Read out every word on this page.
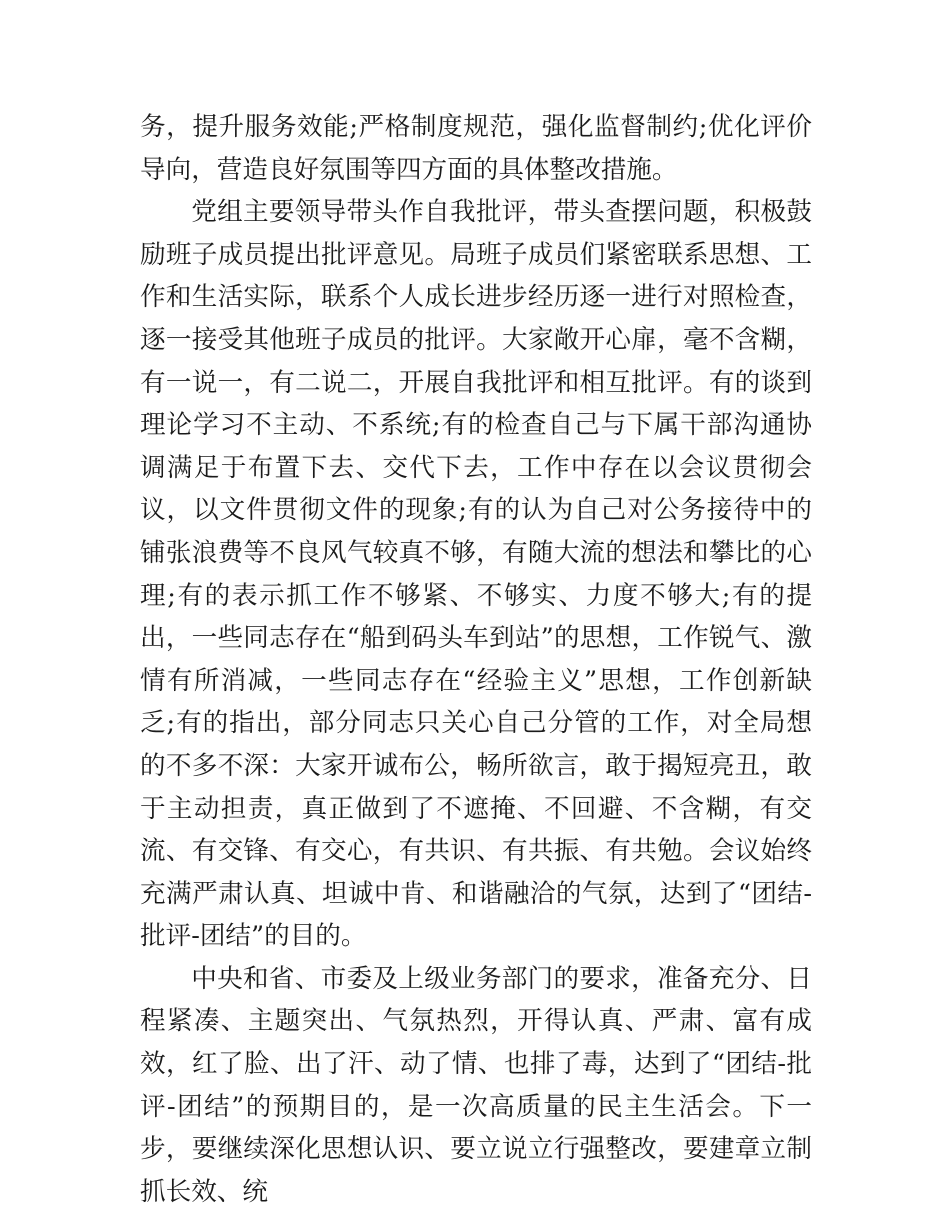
务，提升服务效能;严格制度规范，强化监督制约;优化评价导向，营造良好氛围等四方面的具体整改措施。

党组主要领导带头作自我批评，带头查摆问题，积极鼓励班子成员提出批评意见。局班子成员们紧密联系思想、工作和生活实际，联系个人成长进步经历逐一进行对照检查，逐一接受其他班子成员的批评。大家敞开心扉，毫不含糊，有一说一，有二说二，开展自我批评和相互批评。有的谈到理论学习不主动、不系统;有的检查自己与下属干部沟通协调满足于布置下去、交代下去，工作中存在以会议贯彻会议，以文件贯彻文件的现象;有的认为自己对公务接待中的铺张浪费等不良风气较真不够，有随大流的想法和攀比的心理;有的表示抓工作不够紧、不够实、力度不够大;有的提出，一些同志存在“船到码头车到站”的思想，工作锐气、激情有所消减，一些同志存在“经验主义”思想，工作创新缺乏;有的指出，部分同志只关心自己分管的工作，对全局想的不多不深：大家开诚布公，畅所欲言，敢于揭短亮丑，敢于主动担责，真正做到了不遮掩、不回避、不含糊，有交流、有交锋、有交心，有共识、有共振、有共勉。会议始终充满严肃认真、坦诚中肯、和谐融洽的气氛，达到了“团结-批评-团结”的目的。

中央和省、市委及上级业务部门的要求，准备充分、日程紧凑、主题突出、气氛热烈，开得认真、严肃、富有成效，红了脸、出了汗、动了情、也排了毒，达到了“团结-批评-团结”的预期目的，是一次高质量的民主生活会。下一步，要继续深化思想认识、要立说立行强整改，要建章立制抓长效、统
